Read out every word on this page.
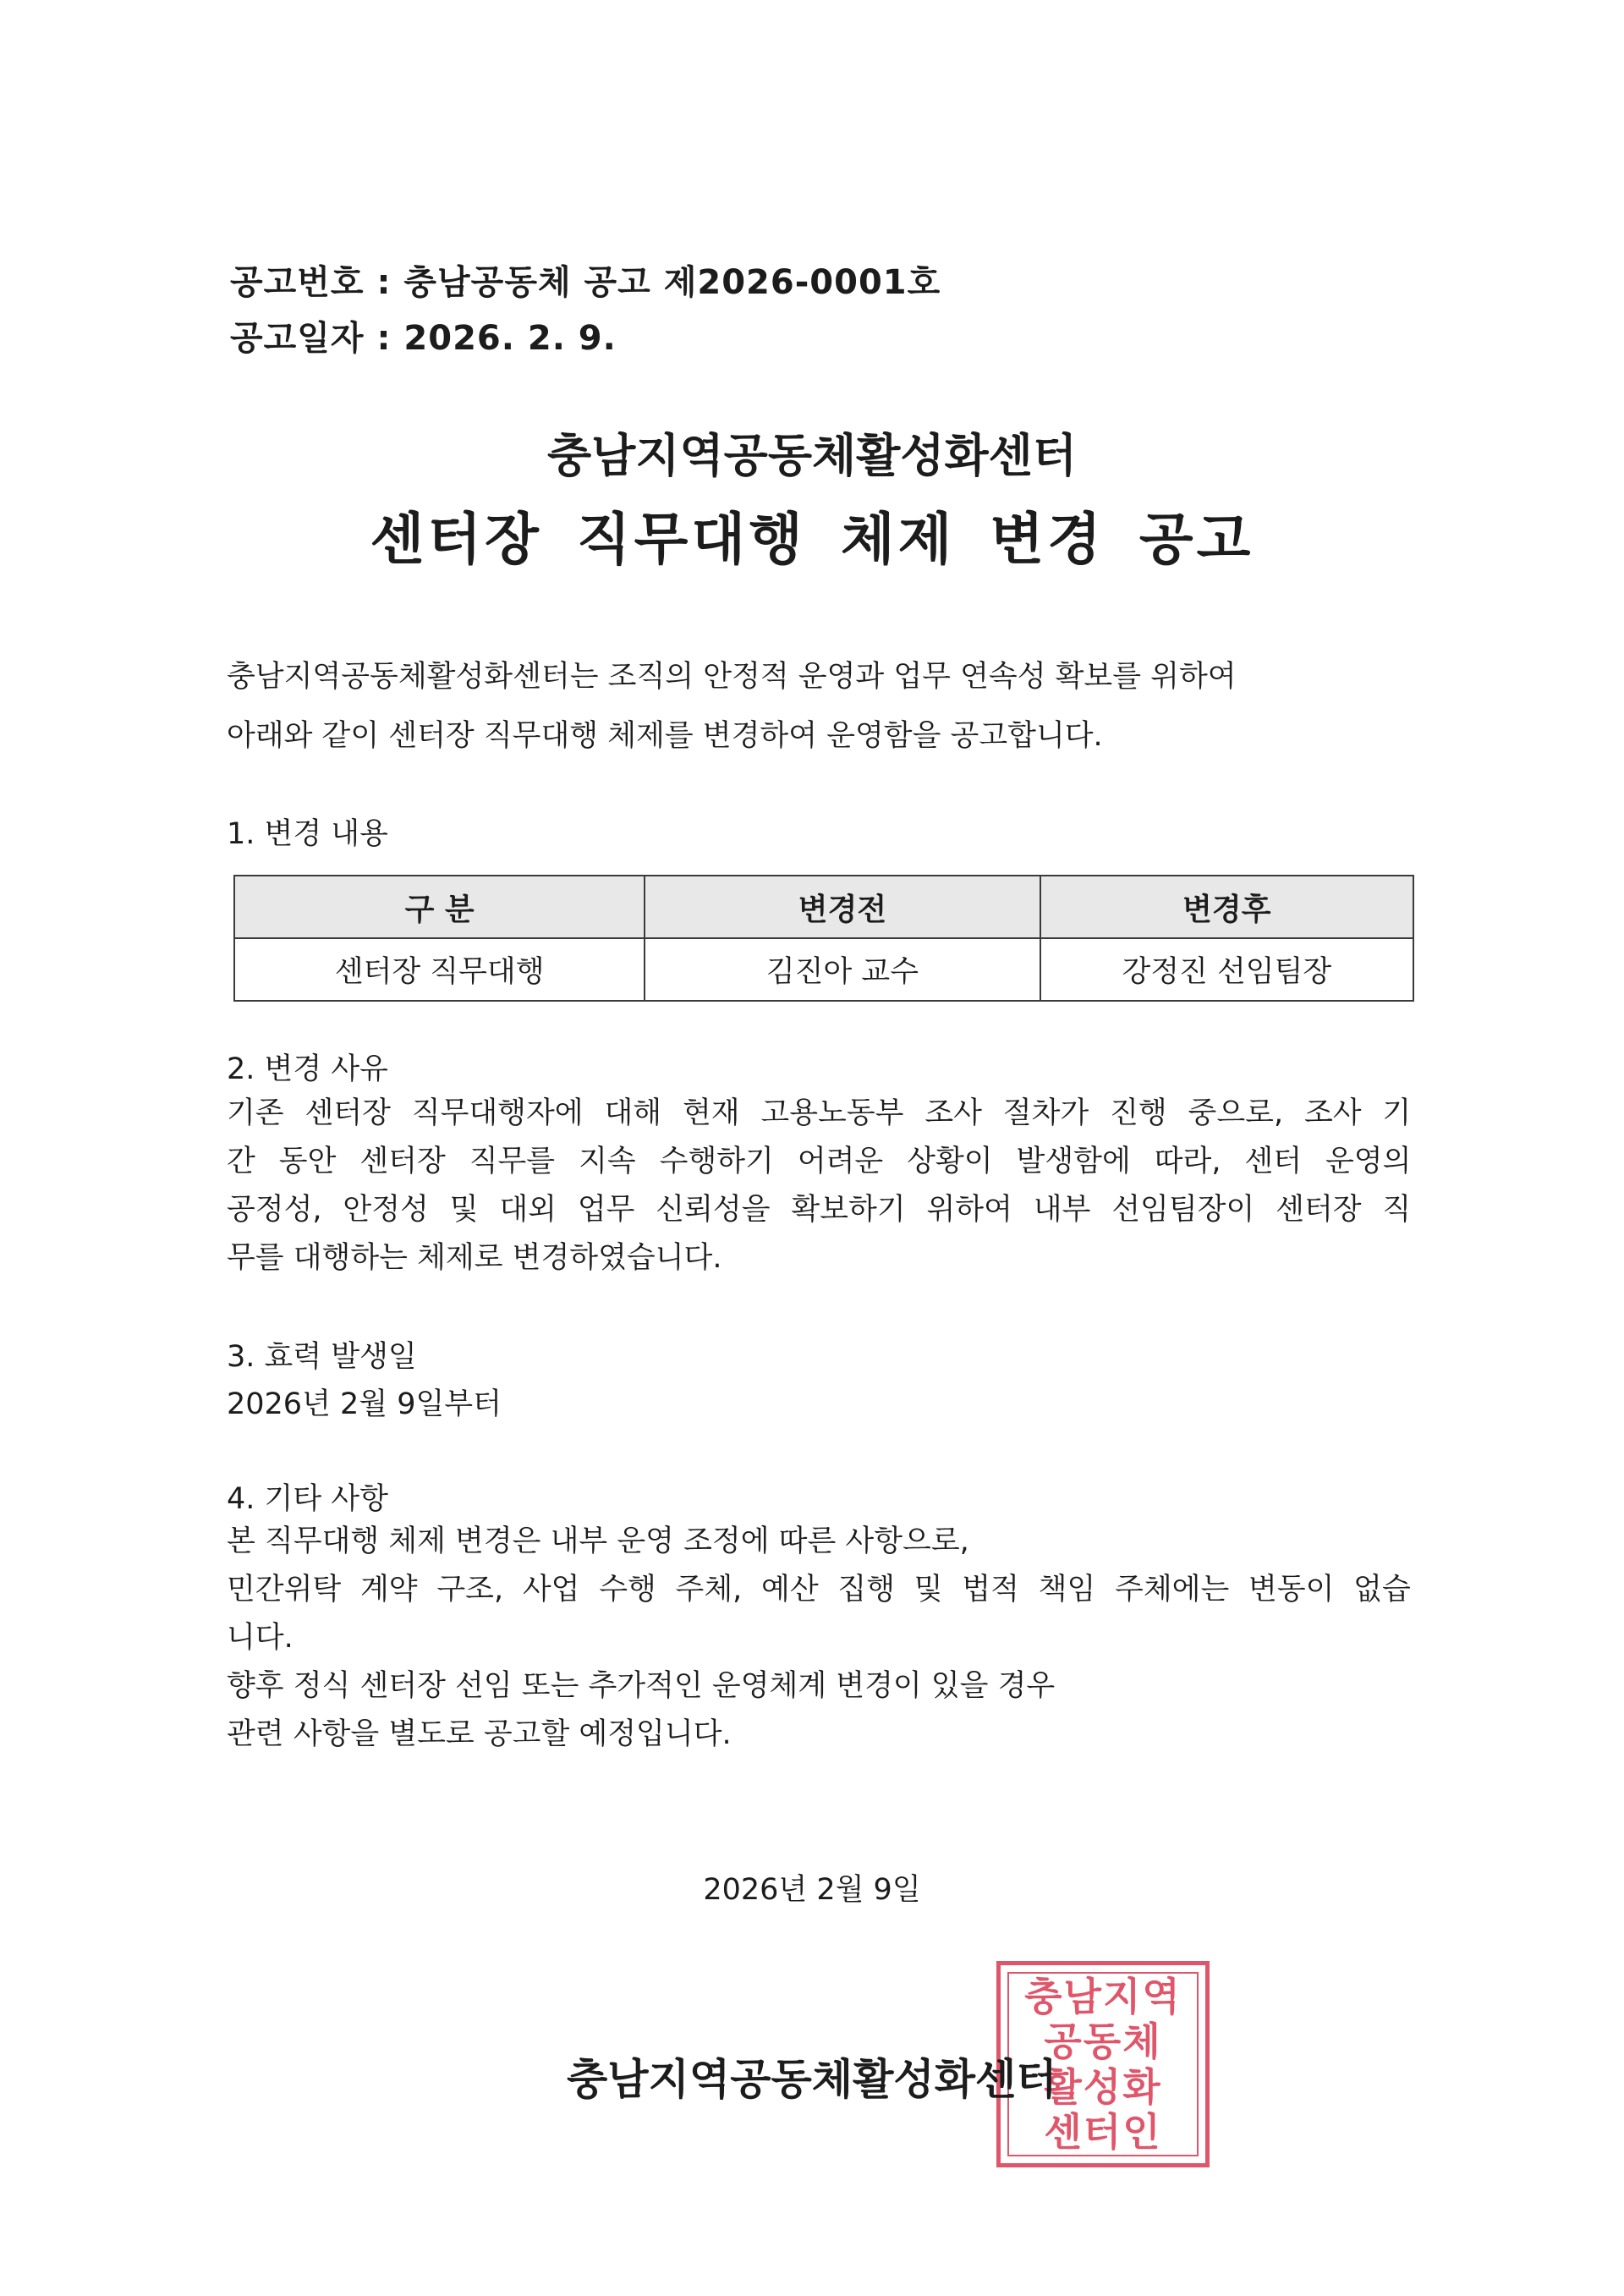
공고번호 : 충남공동체 공고 제2026-0001호
공고일자 : 2026. 2. 9.
충남지역공동체활성화센터
센터장 직무대행 체제 변경 공고
충남지역공동체활성화센터는 조직의 안정적 운영과 업무 연속성 확보를 위하여
아래와 같이 센터장 직무대행 체제를 변경하여 운영함을 공고합니다.
1. 변경 내용
구 분	변경전	변경후
센터장 직무대행	김진아 교수	강정진 선임팀장
2. 변경 사유
기존 센터장 직무대행자에 대해 현재 고용노동부 조사 절차가 진행 중으로, 조사 기
간 동안 센터장 직무를 지속 수행하기 어려운 상황이 발생함에 따라, 센터 운영의
공정성, 안정성 및 대외 업무 신뢰성을 확보하기 위하여 내부 선임팀장이 센터장 직
무를 대행하는 체제로 변경하였습니다.
3. 효력 발생일
2026년 2월 9일부터
4. 기타 사항
본 직무대행 체제 변경은 내부 운영 조정에 따른 사항으로,
민간위탁 계약 구조, 사업 수행 주체, 예산 집행 및 법적 책임 주체에는 변동이 없습
니다.
향후 정식 센터장 선임 또는 추가적인 운영체계 변경이 있을 경우
관련 사항을 별도로 공고할 예정입니다.
2026년 2월 9일
충남지역
공동체
활성화
센터인
충남지역공동체활성화센터
